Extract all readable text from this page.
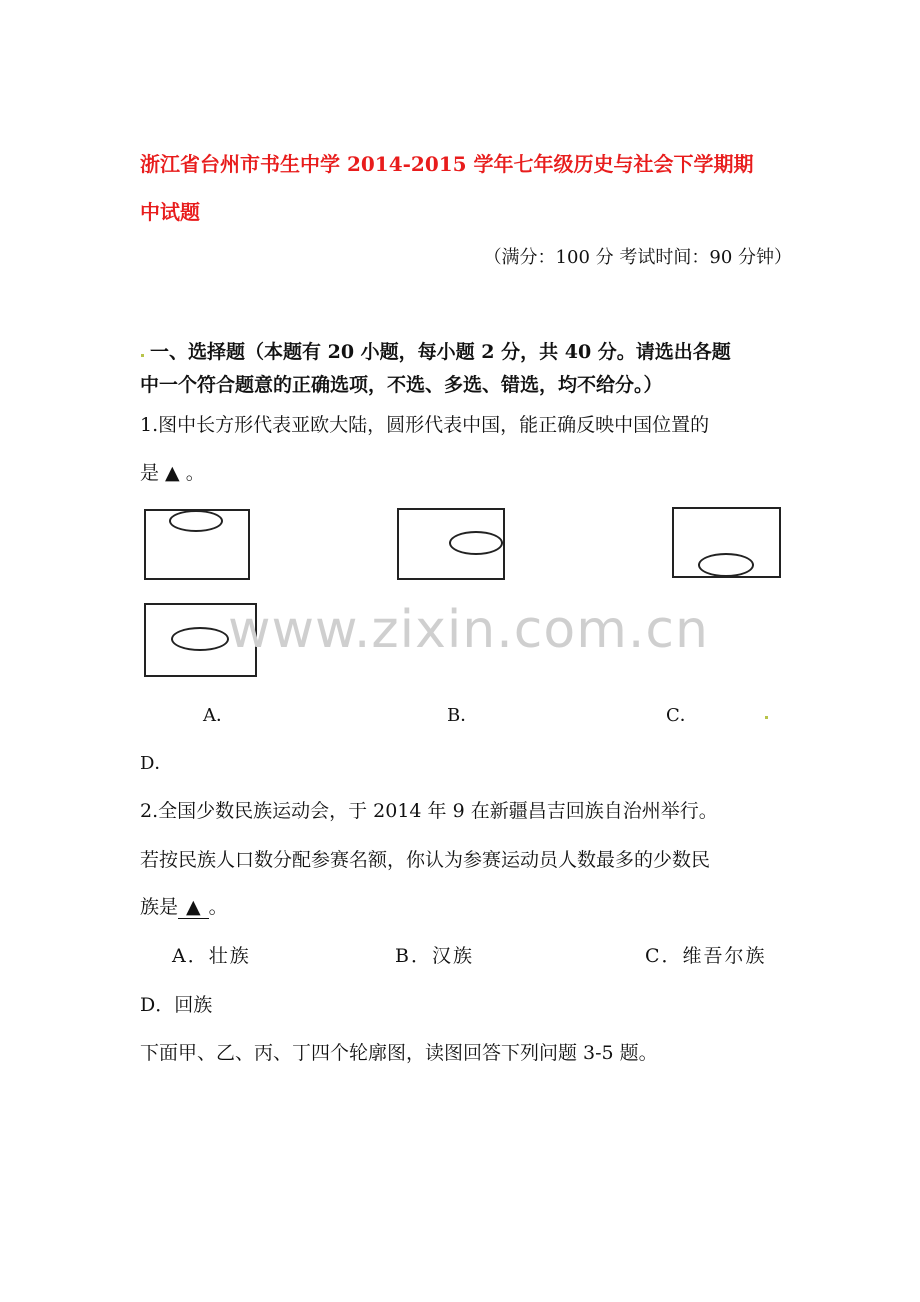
浙江省台州市书生中学 2014-2015 学年七年级历史与社会下学期期
中试题
（满分：100 分 考试时间：90 分钟）
一、选择题（本题有 20 小题，每小题 2 分，共 40 分。请选出各题
中一个符合题意的正确选项，不选、多选、错选，均不给分。）
1.图中长方形代表亚欧大陆，圆形代表中国，能正确反映中国位置的
是 ▲ 。
www.zixin.com.cn
A．	B．	C．
D．
2.全国少数民族运动会，于 2014 年 9 在新疆昌吉回族自治州举行。
若按民族人口数分配参赛名额，你认为参赛运动员人数最多的少数民
族是 ▲ 。
A．壮族	B．汉族	C．维吾尔族
D．回族
下面甲、乙、丙、丁四个轮廓图，读图回答下列问题 3-5 题。
